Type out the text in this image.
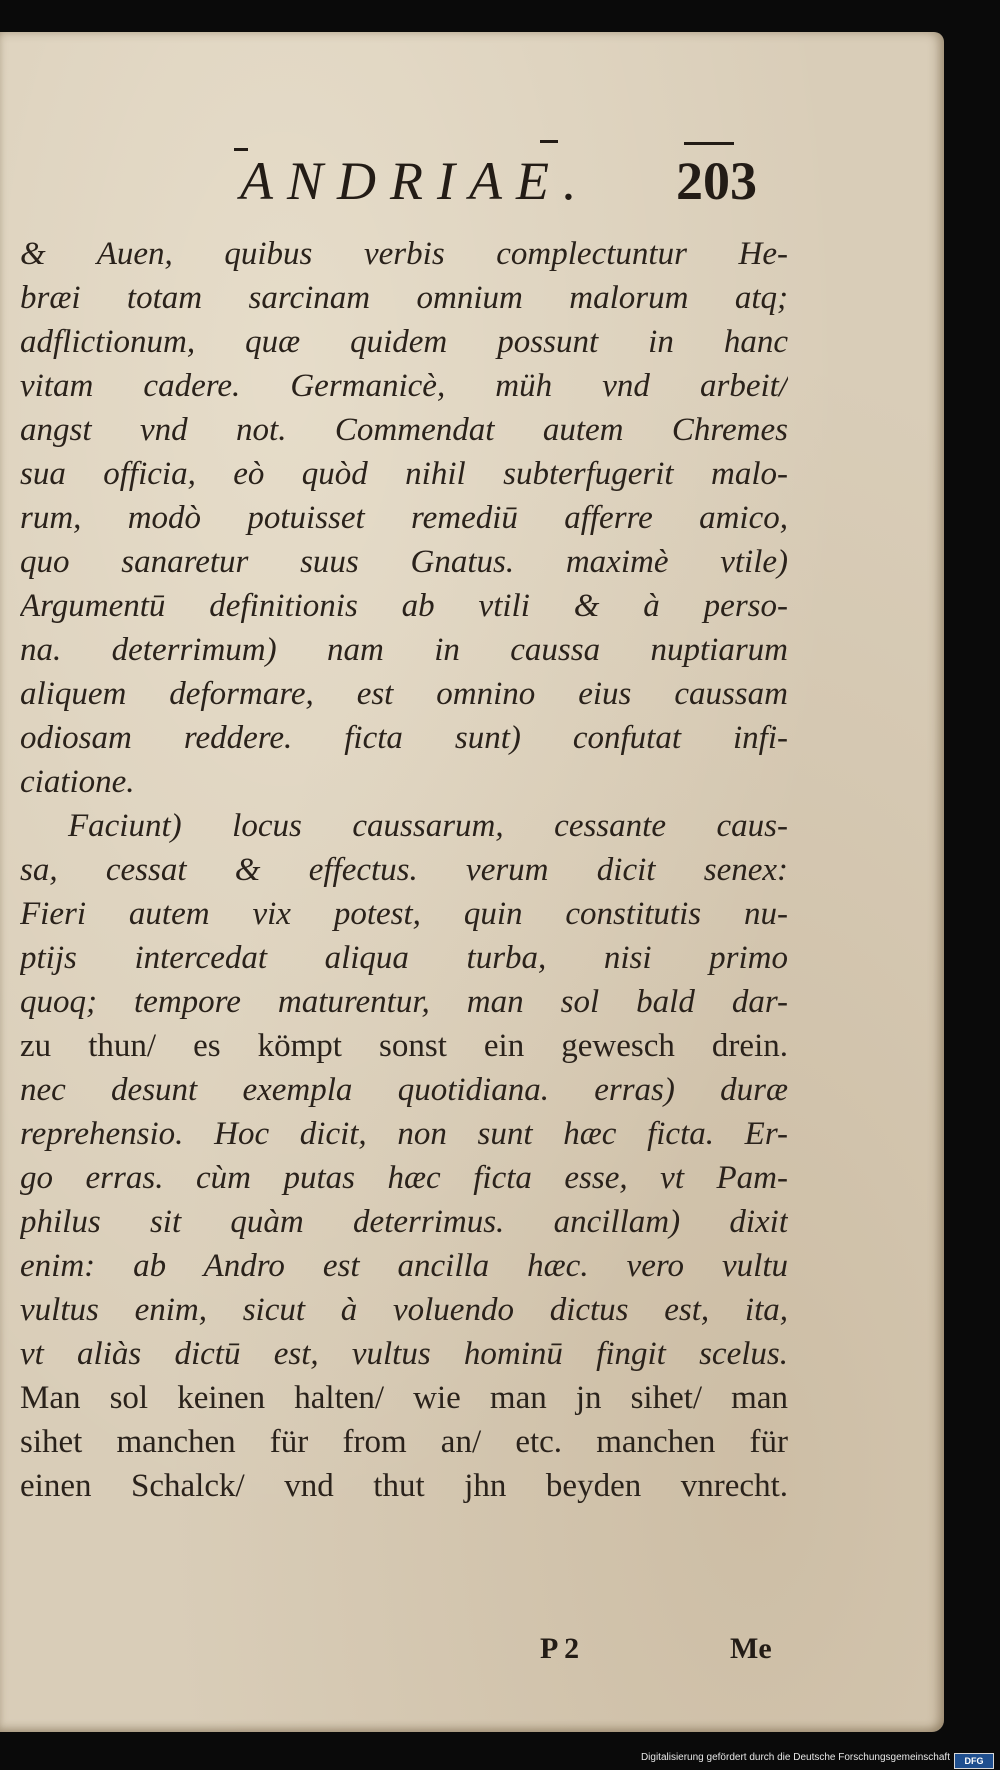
ANDRIAE. 203
& Auen, quibus verbis complectuntur He-
bræi totam sarcinam omnium malorum atq;
adflictionum, quæ quidem possunt in hanc
vitam cadere. Germanicè, müh vnd arbeit/
angst vnd not. Commendat autem Chremes
sua officia, eò quòd nihil subterfugerit malo-
rum, modò potuisset remediū afferre amico,
quo sanaretur suus Gnatus. maximè vtile)
Argumentū definitionis ab vtili & à perso-
na. deterrimum) nam in caussa nuptiarum
aliquem deformare, est omnino eius caussam
odiosam reddere. ficta sunt) confutat infi-
ciatione.
Faciunt) locus caussarum, cessante caus-
sa, cessat & effectus. verum dicit senex:
Fieri autem vix potest, quin constitutis nu-
ptijs intercedat aliqua turba, nisi primo
quoq; tempore maturentur, man sol bald dar-
zu thun/ es kömpt sonst ein gewesch drein.
nec desunt exempla quotidiana. erras) duræ
reprehensio. Hoc dicit, non sunt hæc ficta. Er-
go erras. cùm putas hæc ficta esse, vt Pam-
philus sit quàm deterrimus. ancillam) dixit
enim: ab Andro est ancilla hæc. vero vultu
vultus enim, sicut à voluendo dictus est, ita,
vt aliàs dictū est, vultus hominū fingit scelus.
Man sol keinen halten/ wie man jn sihet/ man
sihet manchen für from an/ etc. manchen für
einen Schalck/ vnd thut jhn beyden vnrecht.
P 2	Me
Digitalisierung gefördert durch die Deutsche Forschungsgemeinschaft	DFG
